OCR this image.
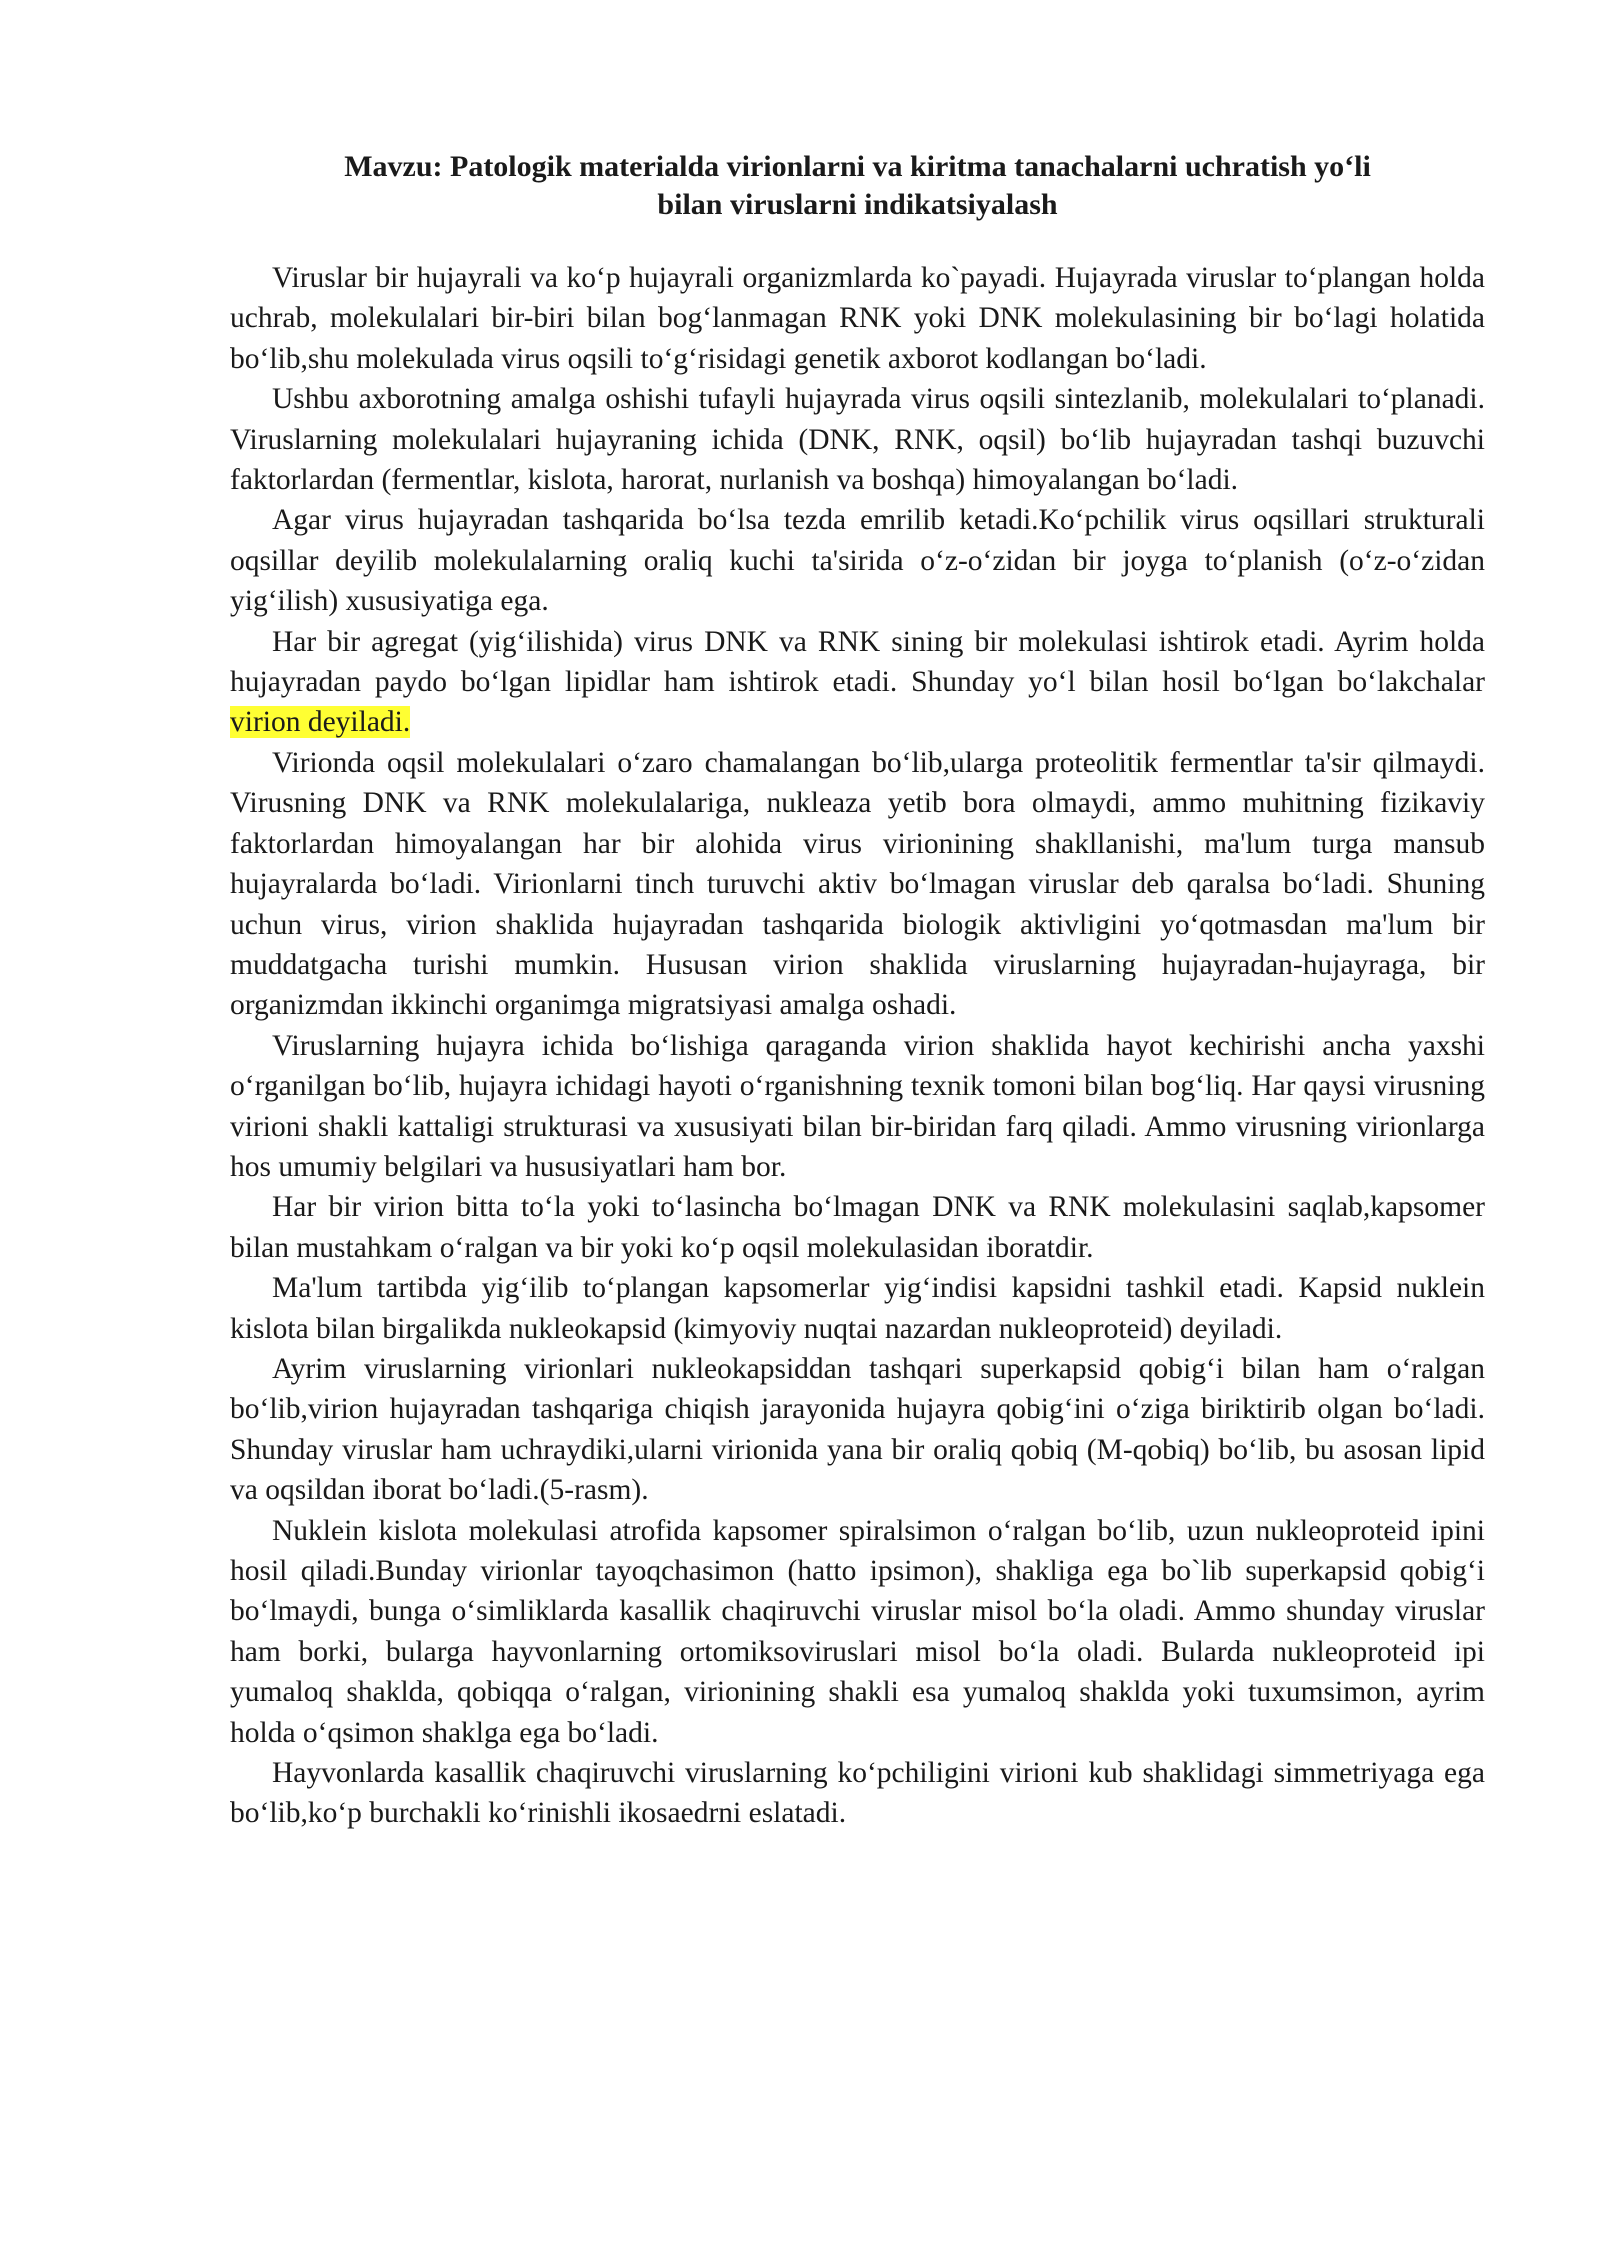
Mavzu: Patologik materialda virionlarni va kiritma tanachalarni uchratish yo‘li
bilan viruslarni indikatsiyalash

Viruslar bir hujayrali va ko‘p hujayrali organizmlarda ko`payadi. Hujayrada viruslar to‘plangan holda uchrab, molekulalari bir-biri bilan bog‘lanmagan RNK yoki DNK molekulasining bir bo‘lagi holatida bo‘lib,shu molekulada virus oqsili to‘g‘risidagi genetik axborot kodlangan bo‘ladi.

Ushbu axborotning amalga oshishi tufayli hujayrada virus oqsili sintezlanib, molekulalari to‘planadi. Viruslarning molekulalari hujayraning ichida (DNK, RNK, oqsil) bo‘lib hujayradan tashqi buzuvchi faktorlardan (fermentlar, kislota, harorat, nurlanish va boshqa) himoyalangan bo‘ladi.

Agar virus hujayradan tashqarida bo‘lsa tezda emrilib ketadi.Ko‘pchilik virus oqsillari strukturali oqsillar deyilib molekulalarning oraliq kuchi ta'sirida o‘z-o‘zidan bir joyga to‘planish (o‘z-o‘zidan yig‘ilish) xususiyatiga ega.

Har bir agregat (yig‘ilishida) virus DNK va RNK sining bir molekulasi ishtirok etadi. Ayrim holda hujayradan paydo bo‘lgan lipidlar ham ishtirok etadi. Shunday yo‘l bilan hosil bo‘lgan bo‘lakchalar virion deyiladi.

Virionda oqsil molekulalari o‘zaro chamalangan bo‘lib,ularga proteolitik fermentlar ta'sir qilmaydi. Virusning DNK va RNK molekulalariga, nukleaza yetib bora olmaydi, ammo muhitning fizikaviy faktorlardan himoyalangan har bir alohida virus virionining shakllanishi, ma'lum turga mansub hujayralarda bo‘ladi. Virionlarni tinch turuvchi aktiv bo‘lmagan viruslar deb qaralsa bo‘ladi. Shuning uchun virus, virion shaklida hujayradan tashqarida biologik aktivligini yo‘qotmasdan ma'lum bir muddatgacha turishi mumkin. Hususan virion shaklida viruslarning hujayradan-hujayraga, bir organizmdan ikkinchi organimga migratsiyasi amalga oshadi.

Viruslarning hujayra ichida bo‘lishiga qaraganda virion shaklida hayot kechirishi ancha yaxshi o‘rganilgan bo‘lib, hujayra ichidagi hayoti o‘rganishning texnik tomoni bilan bog‘liq. Har qaysi virusning virioni shakli kattaligi strukturasi va xususiyati bilan bir-biridan farq qiladi. Ammo virusning virionlarga hos umumiy belgilari va hususiyatlari ham bor.

Har bir virion bitta to‘la yoki to‘lasincha bo‘lmagan DNK va RNK molekulasini saqlab,kapsomer bilan mustahkam o‘ralgan va bir yoki ko‘p oqsil molekulasidan iboratdir.

Ma'lum tartibda yig‘ilib to‘plangan kapsomerlar yig‘indisi kapsidni tashkil etadi. Kapsid nuklein kislota bilan birgalikda nukleokapsid (kimyoviy nuqtai nazardan nukleoproteid) deyiladi.

Ayrim viruslarning virionlari nukleokapsiddan tashqari superkapsid qobig‘i bilan ham o‘ralgan bo‘lib,virion hujayradan tashqariga chiqish jarayonida hujayra qobig‘ini o‘ziga biriktirib olgan bo‘ladi. Shunday viruslar ham uchraydiki,ularni virionida yana bir oraliq qobiq (M-qobiq) bo‘lib, bu asosan lipid va oqsildan iborat bo‘ladi.(5-rasm).

Nuklein kislota molekulasi atrofida kapsomer spiralsimon o‘ralgan bo‘lib, uzun nukleoproteid ipini hosil qiladi.Bunday virionlar tayoqchasimon (hatto ipsimon), shakliga ega bo`lib superkapsid qobig‘i bo‘lmaydi, bunga o‘simliklarda kasallik chaqiruvchi viruslar misol bo‘la oladi. Ammo shunday viruslar ham borki, bularga hayvonlarning ortomiksoviruslari misol bo‘la oladi. Bularda nukleoproteid ipi yumaloq shaklda, qobiqqa o‘ralgan, virionining shakli esa yumaloq shaklda yoki tuxumsimon, ayrim holda o‘qsimon shaklga ega bo‘ladi.

Hayvonlarda kasallik chaqiruvchi viruslarning ko‘pchiligini virioni kub shaklidagi simmetriyaga ega bo‘lib,ko‘p burchakli ko‘rinishli ikosaedrni eslatadi.
